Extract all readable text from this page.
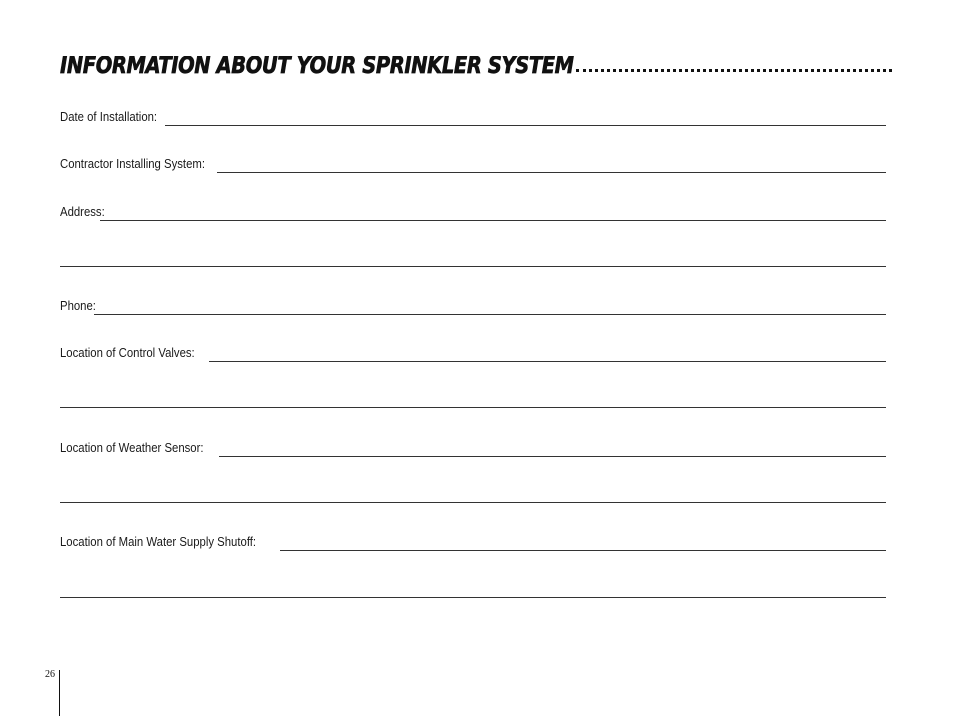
INFORMATION ABOUT YOUR SPRINKLER SYSTEM
Date of Installation:
Contractor Installing System:
Address:
Phone:
Location of Control Valves:
Location of Weather Sensor:
Location of Main Water Supply Shutoff:
26
